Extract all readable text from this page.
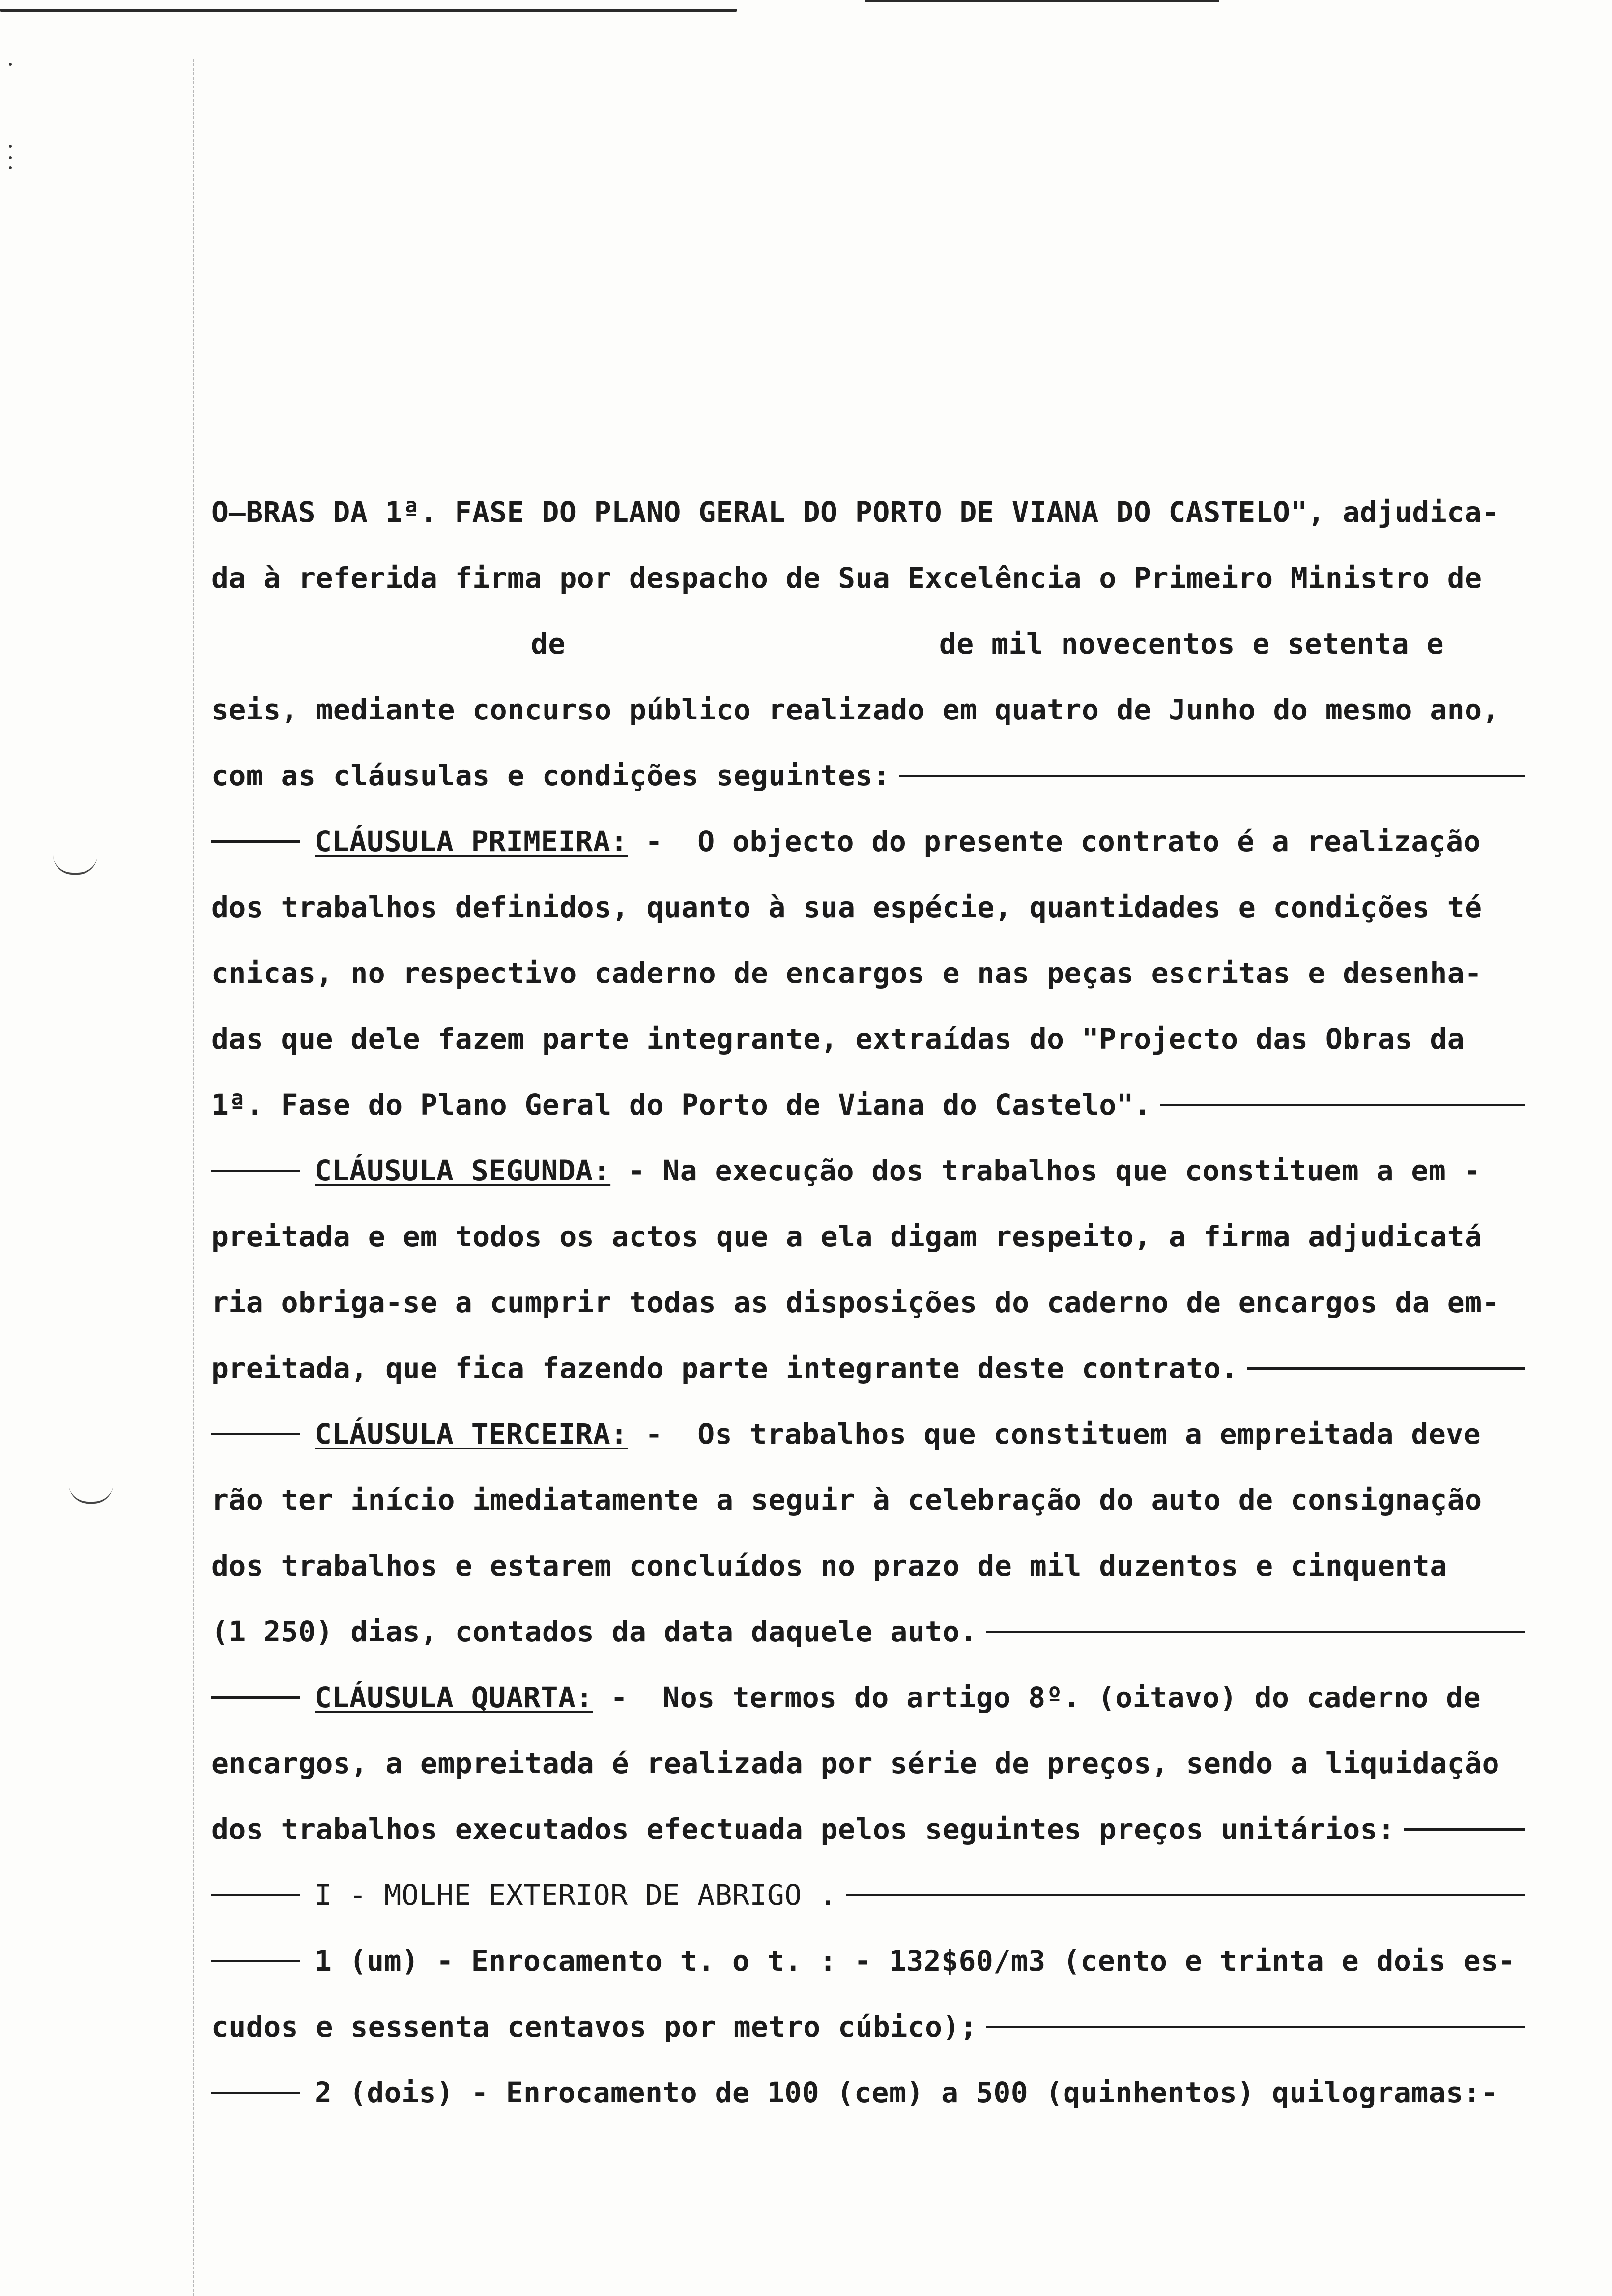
O̶BRAS DA 1ª. FASE DO PLANO GERAL DO PORTO DE VIANA DO CASTELO", adjudica-
da à referida firma por despacho de Sua Excelência o Primeiro Ministro de
de	de mil novecentos e setenta e
seis, mediante concurso público realizado em quatro de Junho do mesmo ano,
com as cláusulas e condições seguintes:
CLÁUSULA PRIMEIRA: -  O objecto do presente contrato é a realização
dos trabalhos definidos, quanto à sua espécie, quantidades e condições té
cnicas, no respectivo caderno de encargos e nas peças escritas e desenha-
das que dele fazem parte integrante, extraídas do "Projecto das Obras da
1ª. Fase do Plano Geral do Porto de Viana do Castelo".
CLÁUSULA SEGUNDA: - Na execução dos trabalhos que constituem a em -
preitada e em todos os actos que a ela digam respeito, a firma adjudicatá
ria obriga-se a cumprir todas as disposições do caderno de encargos da em-
preitada, que fica fazendo parte integrante deste contrato.
CLÁUSULA TERCEIRA: -  Os trabalhos que constituem a empreitada deve
rão ter início imediatamente a seguir à celebração do auto de consignação
dos trabalhos e estarem concluídos no prazo de mil duzentos e cinquenta
(1 250) dias, contados da data daquele auto.
CLÁUSULA QUARTA: -  Nos termos do artigo 8º. (oitavo) do caderno de
encargos, a empreitada é realizada por série de preços, sendo a liquidação
dos trabalhos executados efectuada pelos seguintes preços unitários:
I - MOLHE EXTERIOR DE ABRIGO .
1 (um) - Enrocamento t. o t. : - 132$60/m3 (cento e trinta e dois es-
cudos e sessenta centavos por metro cúbico);
2 (dois) - Enrocamento de 100 (cem) a 500 (quinhentos) quilogramas:-
